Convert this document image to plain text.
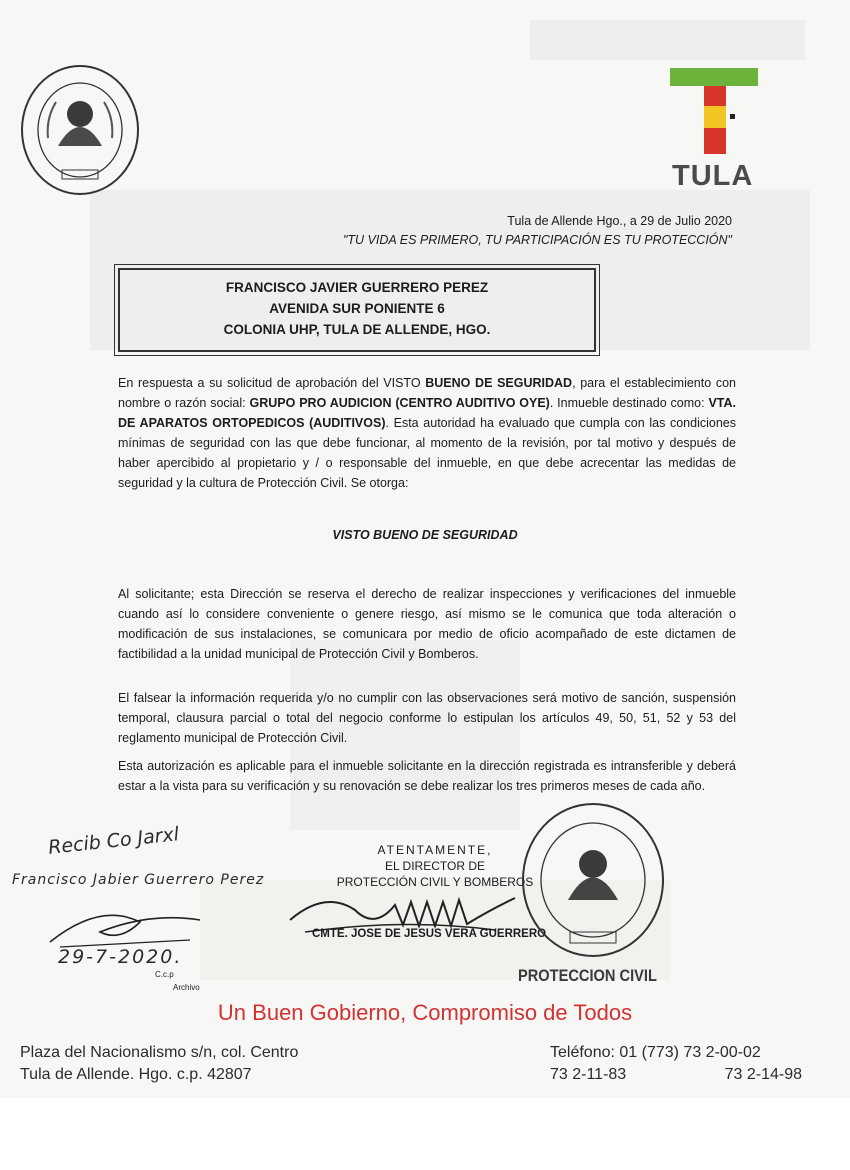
TULA
Tula de Allende Hgo., a 29 de Julio 2020
"TU VIDA ES PRIMERO, TU PARTICIPACIÓN ES TU PROTECCIÓN"
FRANCISCO JAVIER GUERRERO PEREZ
AVENIDA SUR PONIENTE 6
COLONIA UHP, TULA DE ALLENDE, HGO.
En respuesta a su solicitud de aprobación del VISTO BUENO DE SEGURIDAD, para el establecimiento con nombre o razón social: GRUPO PRO AUDICION (CENTRO AUDITIVO OYE). Inmueble destinado como: VTA. DE APARATOS ORTOPEDICOS (AUDITIVOS). Esta autoridad ha evaluado que cumpla con las condiciones mínimas de seguridad con las que debe funcionar, al momento de la revisión, por tal motivo y después de haber apercibido al propietario y / o responsable del inmueble, en que debe acrecentar las medidas de seguridad y la cultura de Protección Civil. Se otorga:
VISTO BUENO DE SEGURIDAD
Al solicitante; esta Dirección se reserva el derecho de realizar inspecciones y verificaciones del inmueble cuando así lo considere conveniente o genere riesgo, así mismo se le comunica que toda alteración o modificación de sus instalaciones, se comunicara por medio de oficio acompañado de este dictamen de factibilidad a la unidad municipal de Protección Civil y Bomberos.
El falsear la información requerida y/o no cumplir con las observaciones será motivo de sanción, suspensión temporal, clausura parcial o total del negocio conforme lo estipulan los artículos 49, 50, 51, 52 y 53 del reglamento municipal de Protección Civil.
Esta autorización es aplicable para el inmueble solicitante en la dirección registrada es intransferible y deberá estar a la vista para su verificación y su renovación se debe realizar los tres primeros meses de cada año.
ATENTAMENTE,
EL DIRECTOR DE
PROTECCIÓN CIVIL Y BOMBEROS
CMTE. JOSE DE JESUS VERA GUERRERO
PROTECCION CIVIL
Recib Co Jarxl
Francisco Jabier Guerrero Perez
29-7-2020.
C.c.p
Archivo
Un Buen Gobierno, Compromiso de Todos
Plaza del Nacionalismo s/n, col. Centro
Tula de Allende. Hgo. c.p. 42807
Teléfono: 01 (773) 73 2-00-02
73 2-11-83	73 2-14-98
